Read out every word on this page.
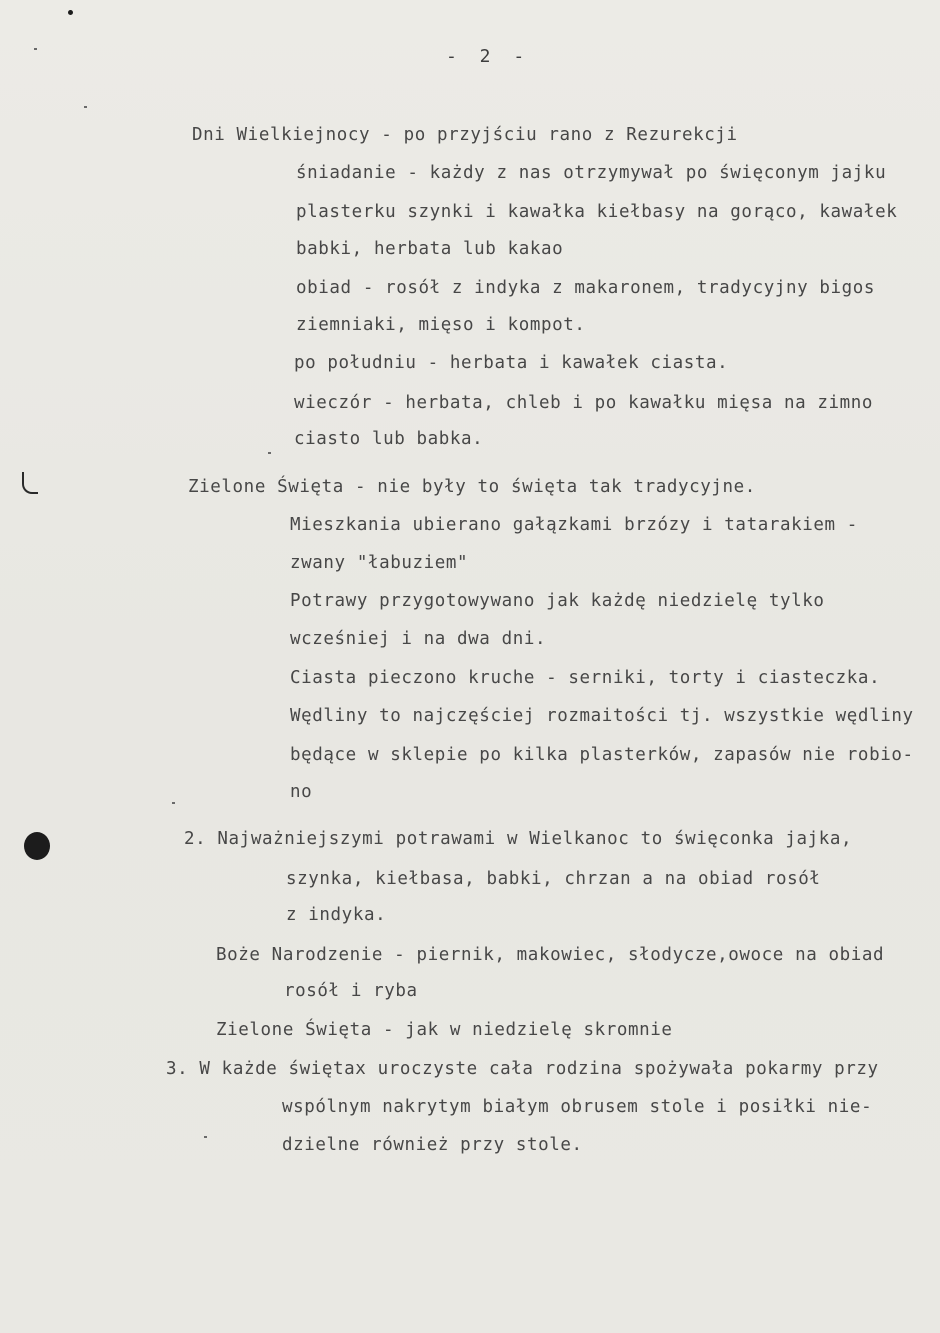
- 2 -
Dni Wielkiejnocy - po przyjściu rano z Rezurekcji
śniadanie - każdy z nas otrzymywał po święconym jajku
plasterku szynki i kawałka kiełbasy na gorąco, kawałek
babki, herbata lub kakao
obiad - rosół z indyka z makaronem, tradycyjny bigos
ziemniaki, mięso i kompot.
po południu - herbata i kawałek ciasta.
wieczór - herbata, chleb i po kawałku mięsa na zimno
ciasto lub babka.
Zielone Święta - nie były to święta tak tradycyjne.
Mieszkania ubierano gałązkami brzózy i tatarakiem -
zwany "łabuziem"
Potrawy przygotowywano jak każdę niedzielę tylko
wcześniej i na dwa dni.
Ciasta pieczono kruche - serniki, torty i ciasteczka.
Wędliny to najczęściej rozmaitości tj. wszystkie wędliny
będące w sklepie po kilka plasterków, zapasów nie robio-
no
2. Najważniejszymi potrawami w Wielkanoc to święconka jajka,
szynka, kiełbasa, babki, chrzan a na obiad rosół
z indyka.
Boże Narodzenie - piernik, makowiec, słodycze,owoce na obiad
rosół i ryba
Zielone Święta - jak w niedzielę skromnie
3. W każde świętax uroczyste cała rodzina spożywała pokarmy przy
wspólnym nakrytym białym obrusem stole i posiłki nie-
dzielne również przy stole.
